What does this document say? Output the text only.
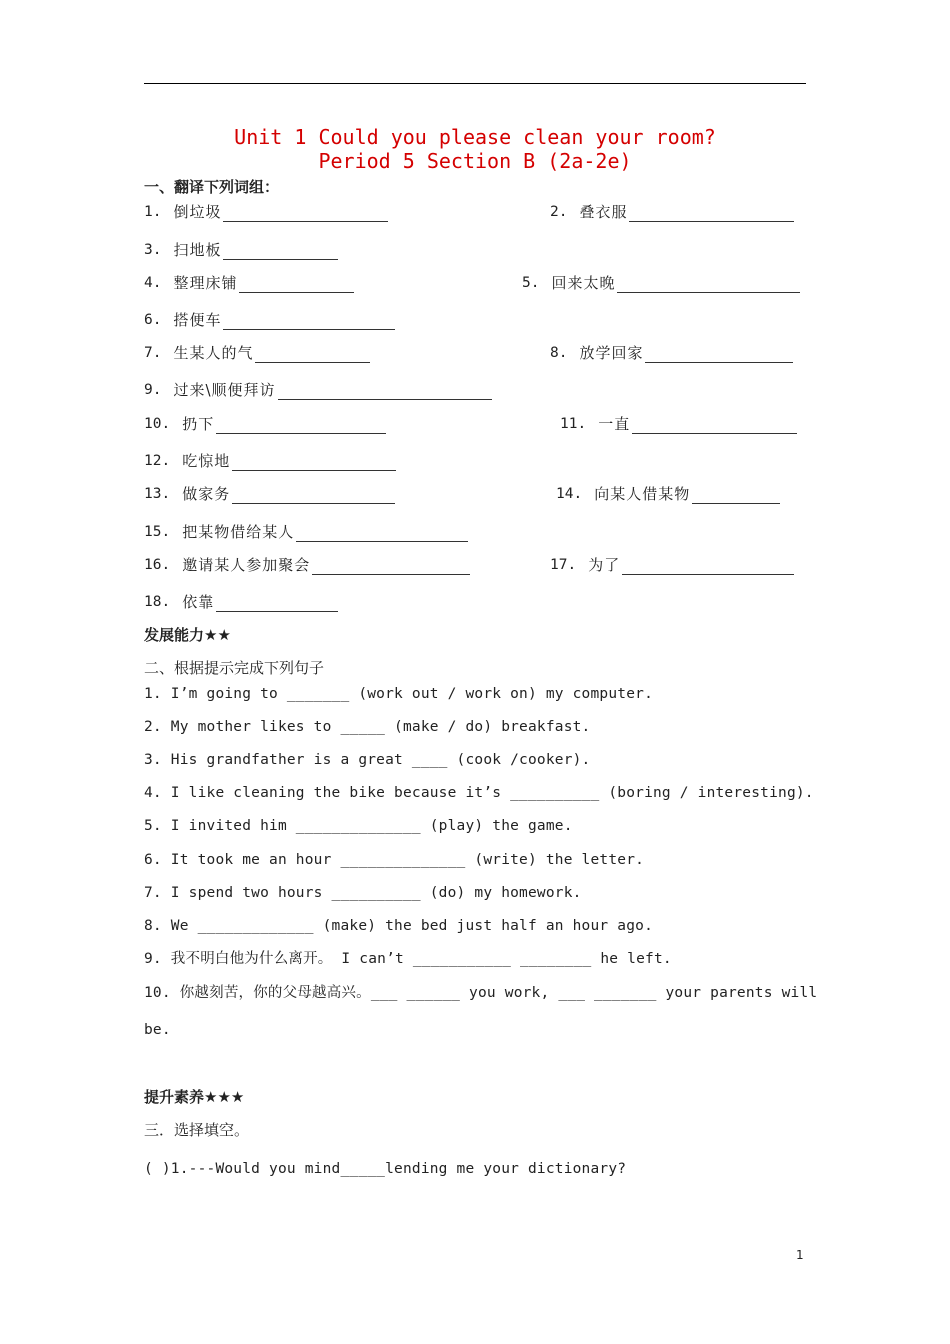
Unit 1 Could you please clean your room?
Period 5 Section B (2a-2e)
一、翻译下列词组：
1. 倒垃圾	2. 叠衣服
3. 扫地板
4. 整理床铺	5. 回来太晚
6. 搭便车
7. 生某人的气	8. 放学回家
9. 过来\顺便拜访
10. 扔下	11. 一直
12. 吃惊地
13. 做家务	14. 向某人借某物
15. 把某物借给某人
16. 邀请某人参加聚会	17. 为了
18. 依靠
发展能力★★
二、根据提示完成下列句子
1. I’m going to _______ (work out / work on) my computer.
2. My mother likes to _____ (make / do) breakfast.
3. His grandfather is a great ____ (cook /cooker).
4. I like cleaning the bike because it’s __________ (boring / interesting).
5. I invited him ______________ (play) the game.
6. It took me an hour ______________ (write) the letter.
7. I spend two hours __________ (do) my homework.
8. We _____________ (make) the bed just half an hour ago.
9. 我不明白他为什么离开。 I can’t ___________ ________ he left.
10. 你越刻苦，你的父母越高兴。___ ______ you work, ___ _______ your parents will
be.
提升素养★★★
三．选择填空。
( )1.---Would you mind_____lending me your dictionary?
1
